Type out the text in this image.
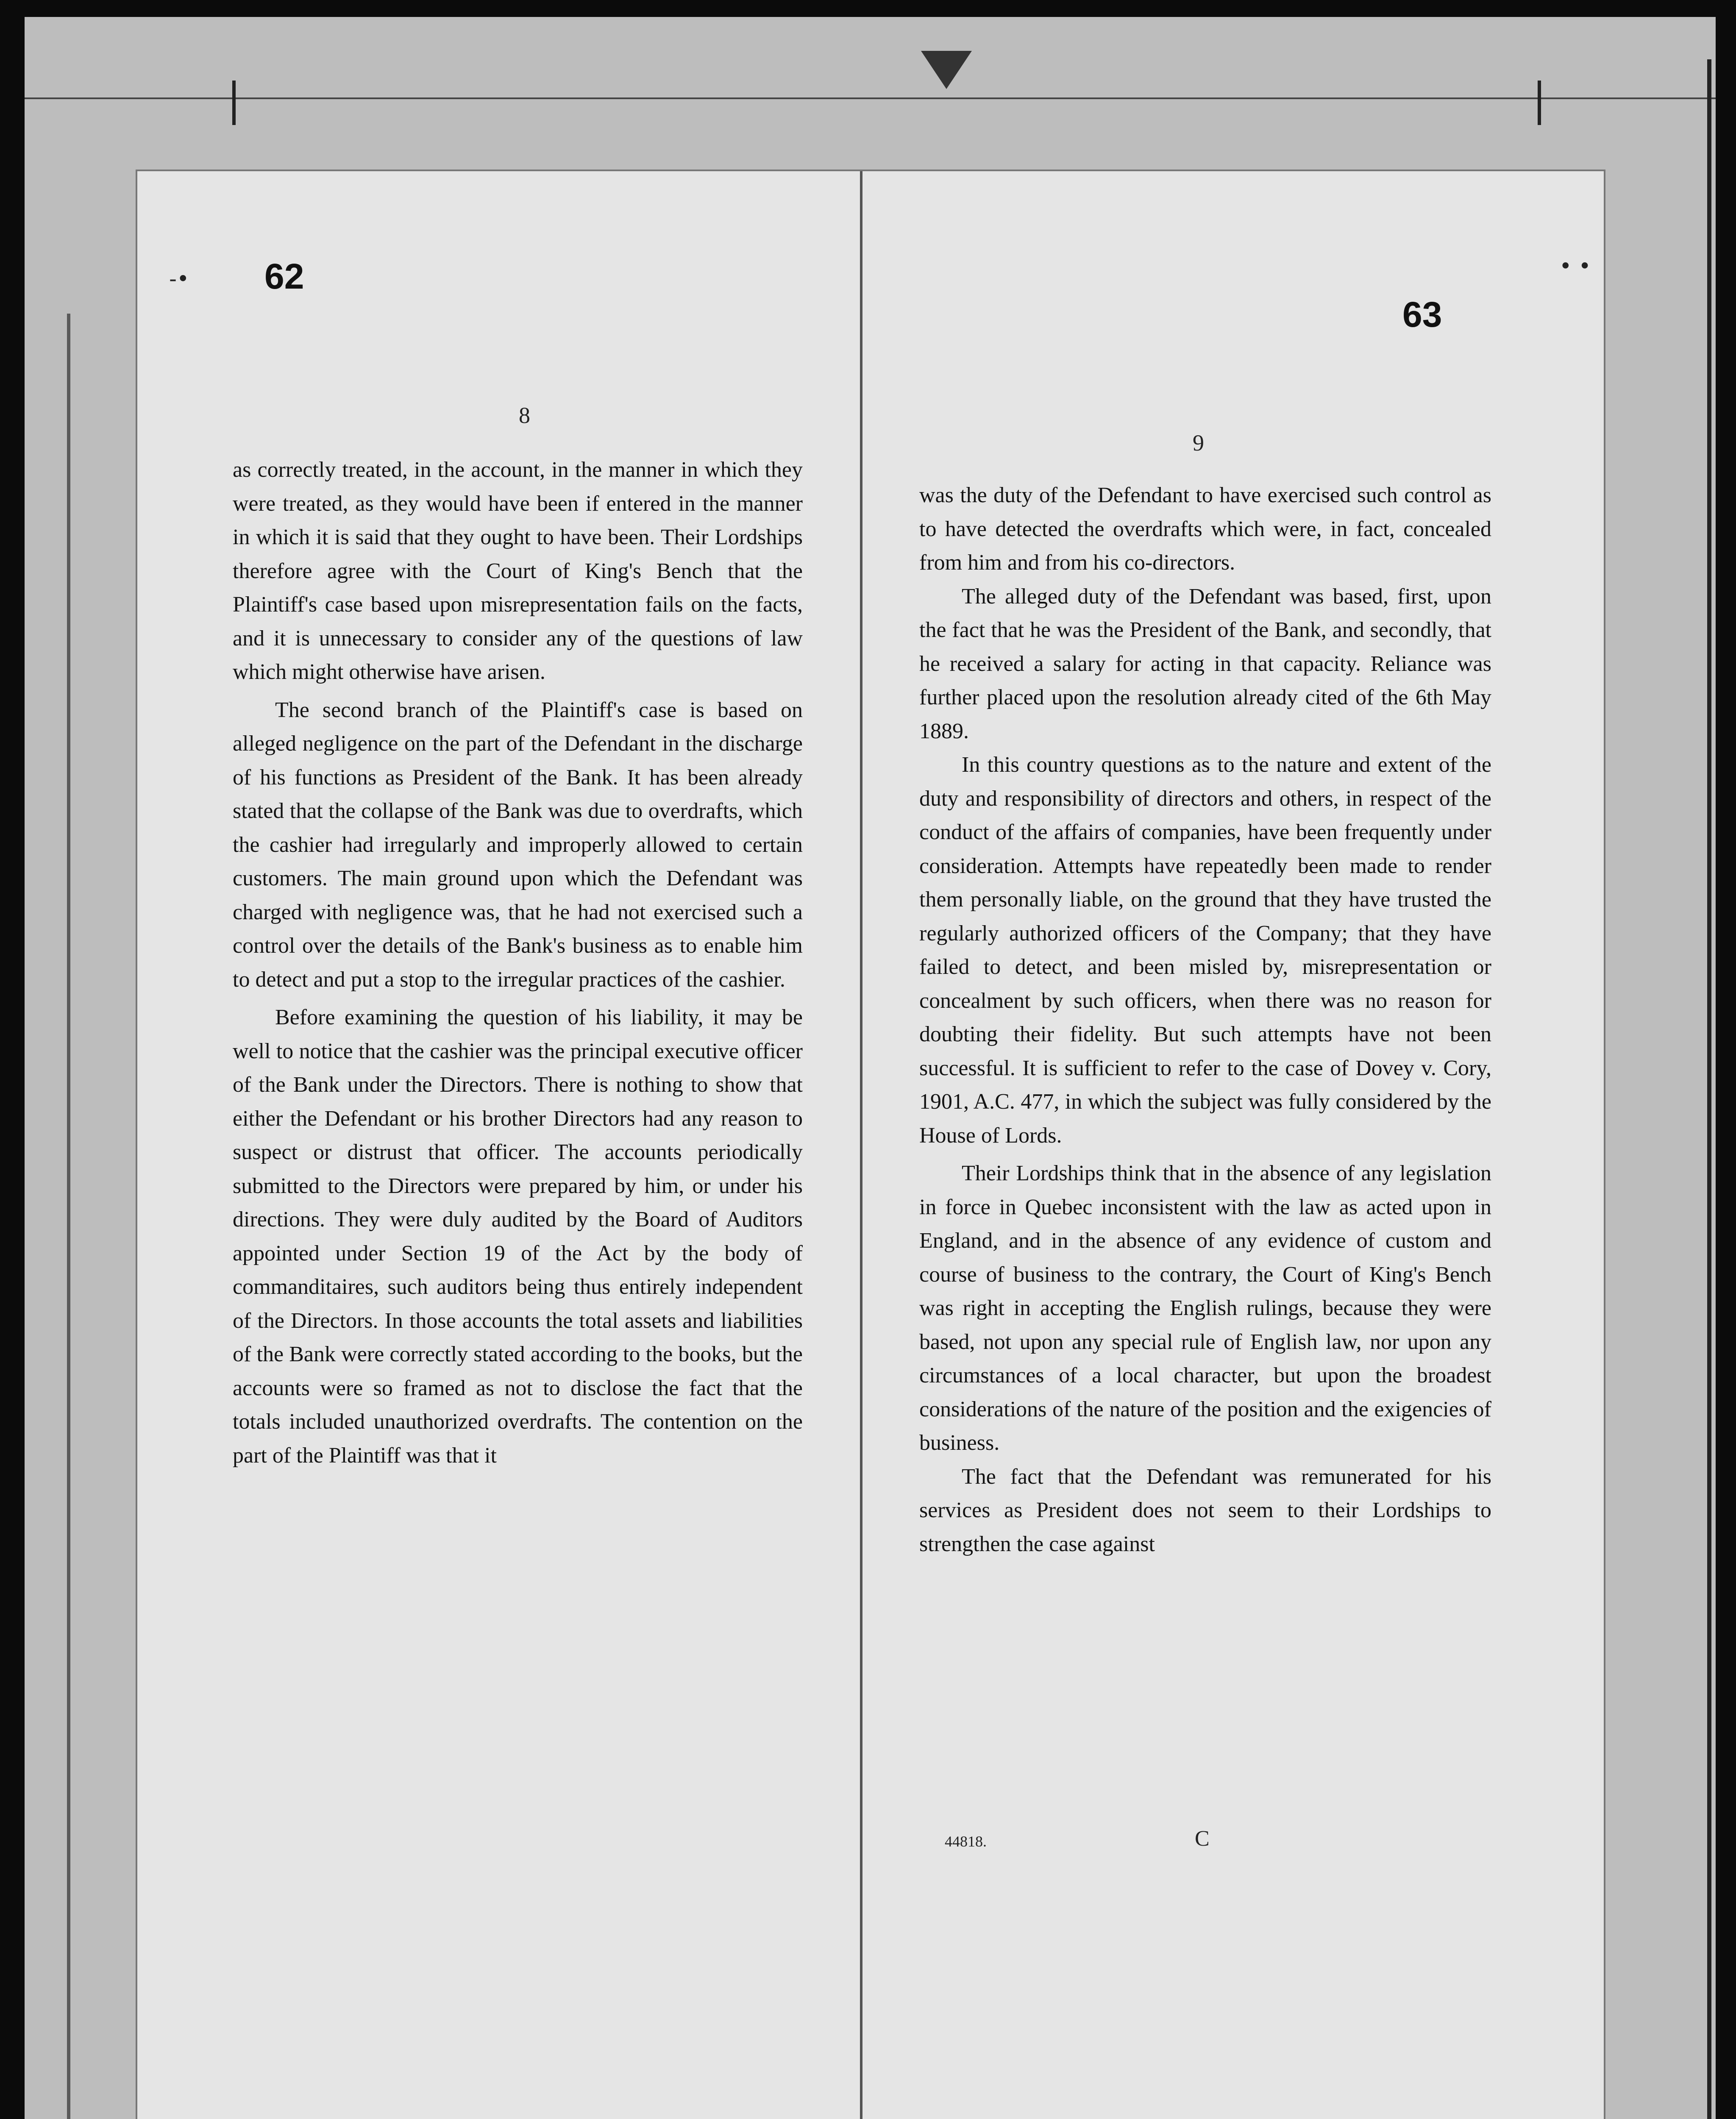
-• 62
8
63
• •
9

as correctly treated, in the account, in the manner in which they were treated, as they would have been if entered in the manner in which it is said that they ought to have been. Their Lordships therefore agree with the Court of King's Bench that the Plaintiff's case based upon misrepresentation fails on the facts, and it is unnecessary to consider any of the questions of law which might otherwise have arisen.

The second branch of the Plaintiff's case is based on alleged negligence on the part of the Defendant in the discharge of his functions as President of the Bank. It has been already stated that the collapse of the Bank was due to overdrafts, which the cashier had irregularly and improperly allowed to certain customers. The main ground upon which the Defendant was charged with negligence was, that he had not exercised such a control over the details of the Bank's business as to enable him to detect and put a stop to the irregular practices of the cashier.

Before examining the question of his liability, it may be well to notice that the cashier was the principal executive officer of the Bank under the Directors. There is nothing to show that either the Defendant or his brother Directors had any reason to suspect or distrust that officer. The accounts periodically submitted to the Directors were prepared by him, or under his directions. They were duly audited by the Board of Auditors appointed under Section 19 of the Act by the body of commanditaires, such auditors being thus entirely independent of the Directors. In those accounts the total assets and liabilities of the Bank were correctly stated according to the books, but the accounts were so framed as not to disclose the fact that the totals included unauthorized overdrafts. The contention on the part of the Plaintiff was that it

was the duty of the Defendant to have exercised such control as to have detected the overdrafts which were, in fact, concealed from him and from his co-directors.

The alleged duty of the Defendant was based, first, upon the fact that he was the President of the Bank, and secondly, that he received a salary for acting in that capacity. Reliance was further placed upon the resolution already cited of the 6th May 1889.

In this country questions as to the nature and extent of the duty and responsibility of directors and others, in respect of the conduct of the affairs of companies, have been frequently under consideration. Attempts have repeatedly been made to render them personally liable, on the ground that they have trusted the regularly authorized officers of the Company; that they have failed to detect, and been misled by, misrepresentation or concealment by such officers, when there was no reason for doubting their fidelity. But such attempts have not been successful. It is sufficient to refer to the case of Dovey v. Cory, 1901, A.C. 477, in which the subject was fully considered by the House of Lords.

Their Lordships think that in the absence of any legislation in force in Quebec inconsistent with the law as acted upon in England, and in the absence of any evidence of custom and course of business to the contrary, the Court of King's Bench was right in accepting the English rulings, because they were based, not upon any special rule of English law, nor upon any circumstances of a local character, but upon the broadest considerations of the nature of the position and the exigencies of business.

The fact that the Defendant was remunerated for his services as President does not seem to their Lordships to strengthen the case against

44818.	C
